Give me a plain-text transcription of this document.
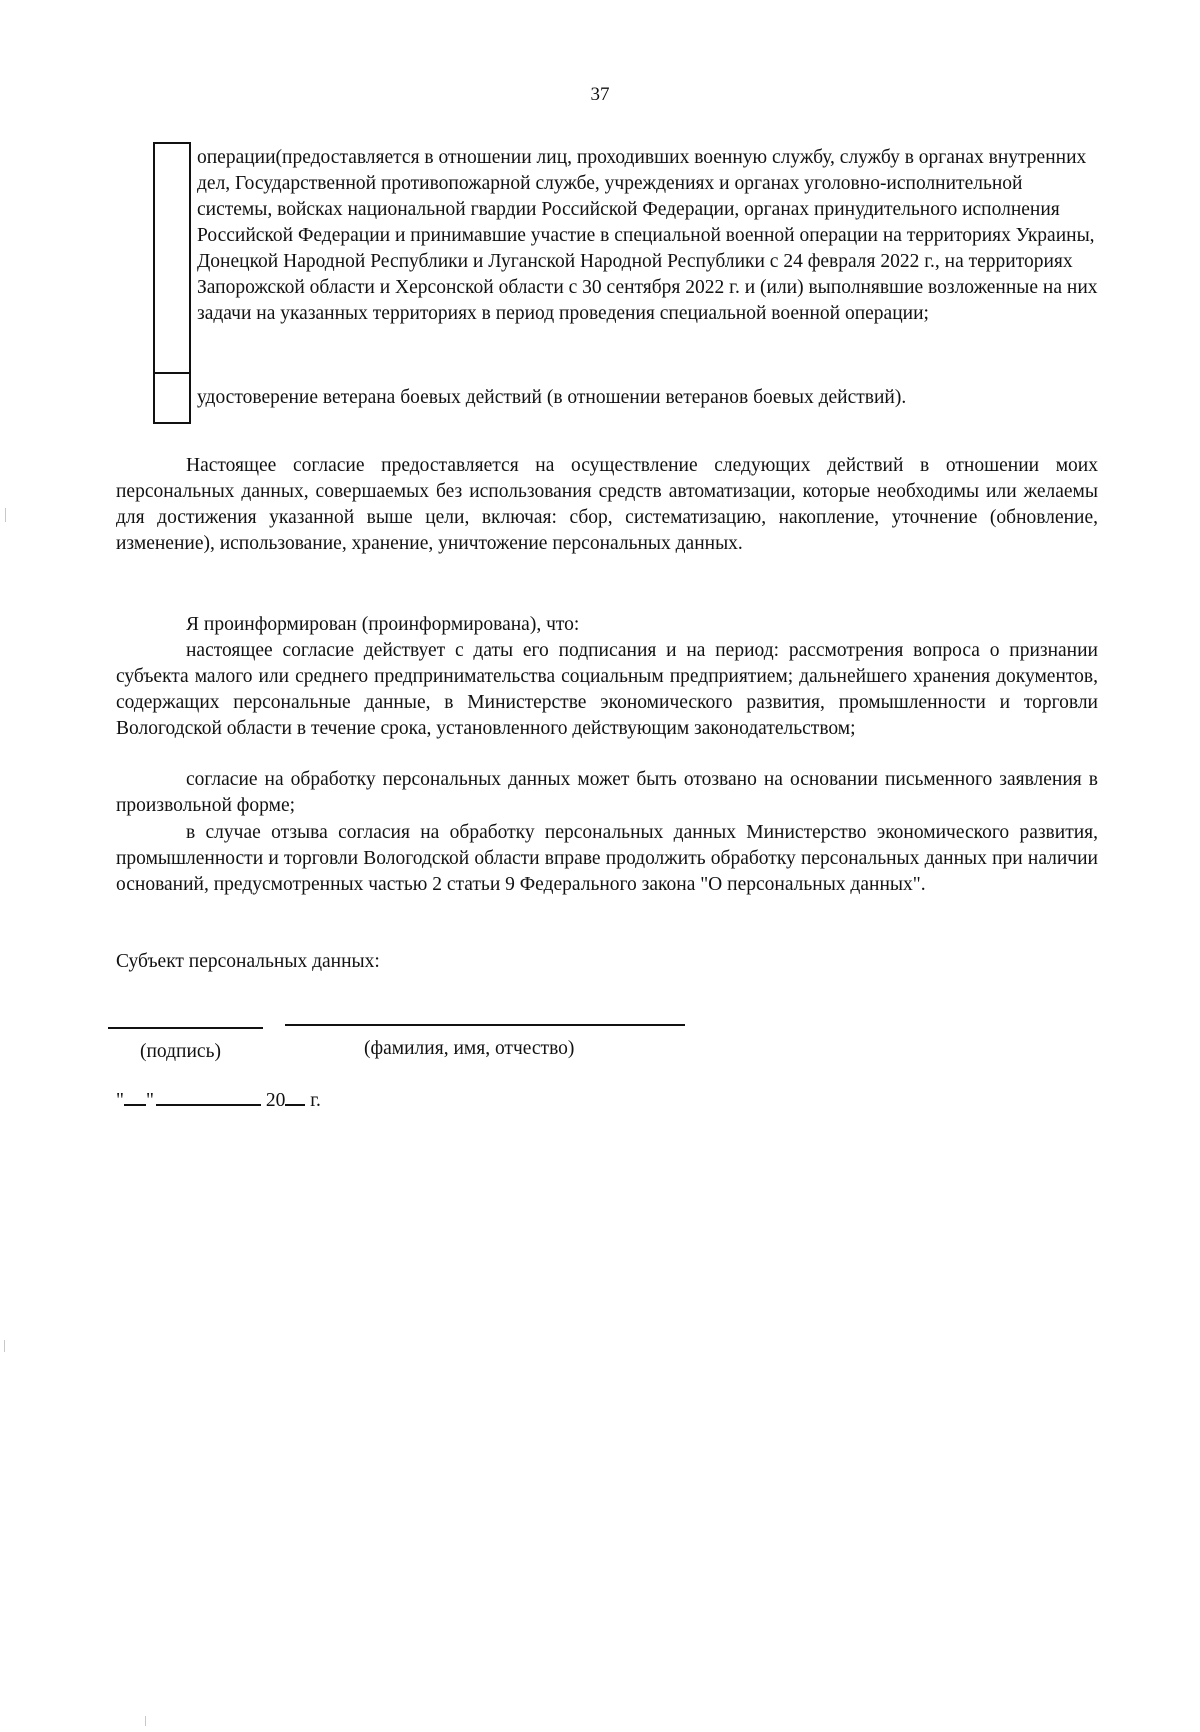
37
	операции(предоставляется в отношении лиц, проходивших военную службу, службу в органах внутренних дел, Государственной противопожарной службе, учреждениях и органах уголовно-исполнительной системы, войсках национальной гвардии Российской Федерации, органах принудительного исполнения Российской Федерации и принимавшие участие в специальной военной операции на территориях Украины, Донецкой Народной Республики и Луганской Народной Республики с 24 февраля 2022 г., на территориях Запорожской области и Херсонской области с 30 сентября 2022 г. и (или) выполнявшие возложенные на них задачи на указанных территориях в период проведения специальной военной операции;
	удостоверение ветерана боевых действий (в отношении ветеранов боевых действий).
Настоящее согласие предоставляется на осуществление следующих действий в отношении моих персональных данных, совершаемых без использования средств автоматизации, которые необходимы или желаемы для достижения указанной выше цели, включая: сбор, систематизацию, накопление, уточнение (обновление, изменение), использование, хранение, уничтожение персональных данных.
Я проинформирован (проинформирована), что:
настоящее согласие действует с даты его подписания и на период: рассмотрения вопроса о признании субъекта малого или среднего предпринимательства социальным предприятием; дальнейшего хранения документов, содержащих персональные данные, в Министерстве экономического развития, промышленности и торговли Вологодской области в течение срока, установленного действующим законодательством;
согласие на обработку персональных данных может быть отозвано на основании письменного заявления в произвольной форме;
в случае отзыва согласия на обработку персональных данных Министерство экономического развития, промышленности и торговли Вологодской области вправе продолжить обработку персональных данных при наличии оснований, предусмотренных частью 2 статьи 9 Федерального закона "О персональных данных".
Субъект персональных данных:
(подпись)	(фамилия, имя, отчество)
" "	20 г.
